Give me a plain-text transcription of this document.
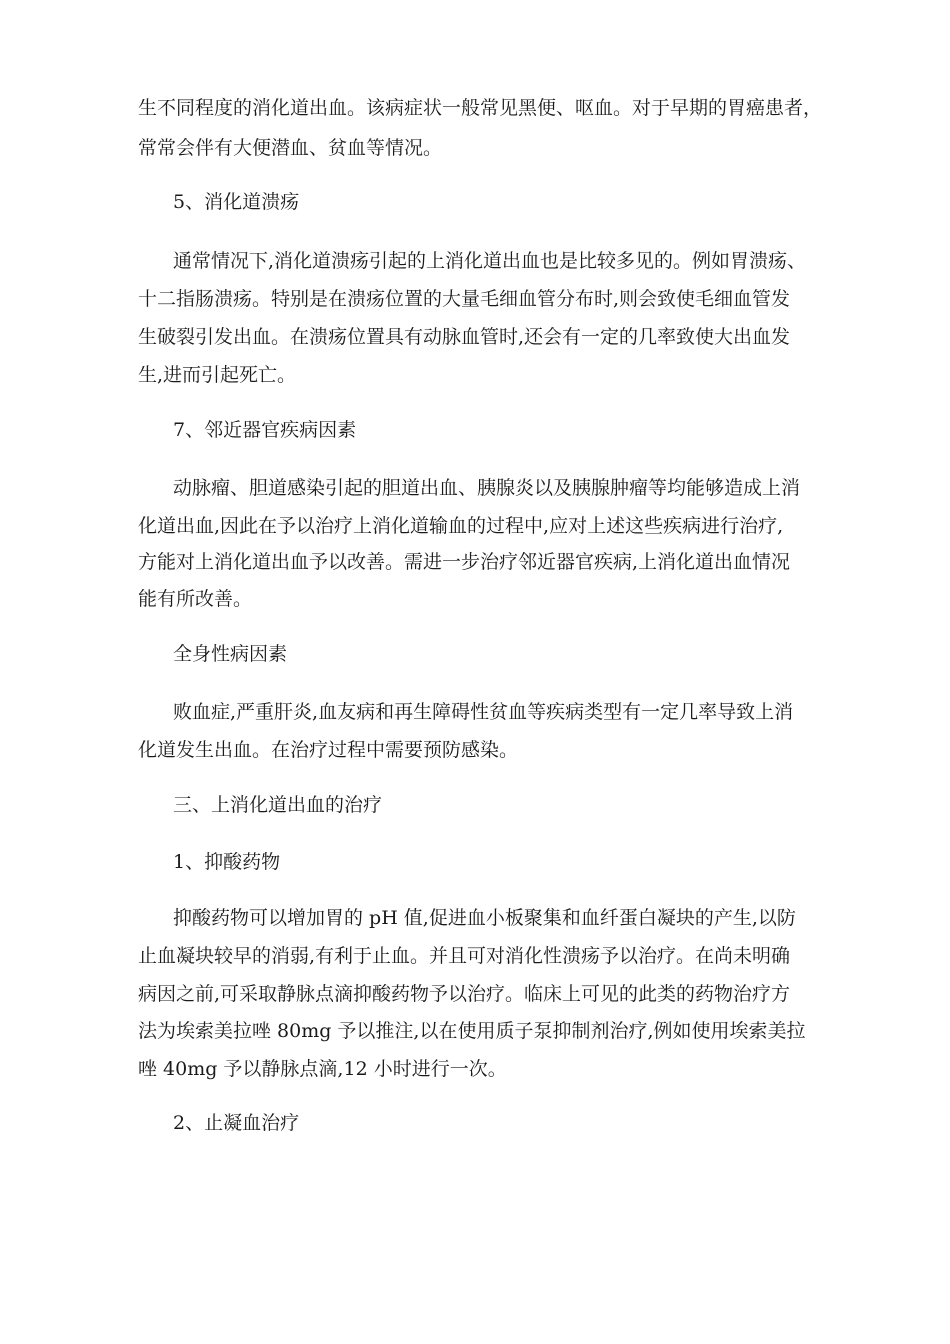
生不同程度的消化道出血。该病症状一般常见黑便、呕血。对于早期的胃癌患者，
常常会伴有大便潜血、贫血等情况。
5、消化道溃疡
通常情况下,消化道溃疡引起的上消化道出血也是比较多见的。例如胃溃疡、
十二指肠溃疡。特别是在溃疡位置的大量毛细血管分布时,则会致使毛细血管发
生破裂引发出血。在溃疡位置具有动脉血管时,还会有一定的几率致使大出血发
生,进而引起死亡。
7、邻近器官疾病因素
动脉瘤、胆道感染引起的胆道出血、胰腺炎以及胰腺肿瘤等均能够造成上消
化道出血,因此在予以治疗上消化道输血的过程中,应对上述这些疾病进行治疗,
方能对上消化道出血予以改善。需进一步治疗邻近器官疾病,上消化道出血情况
能有所改善。
全身性病因素
败血症,严重肝炎,血友病和再生障碍性贫血等疾病类型有一定几率导致上消
化道发生出血。在治疗过程中需要预防感染。
三、上消化道出血的治疗
1、抑酸药物
抑酸药物可以增加胃的 pH 值,促进血小板聚集和血纤蛋白凝块的产生,以防
止血凝块较早的消弱,有利于止血。并且可对消化性溃疡予以治疗。在尚未明确
病因之前,可采取静脉点滴抑酸药物予以治疗。临床上可见的此类的药物治疗方
法为埃索美拉唑 80mg 予以推注,以在使用质子泵抑制剂治疗,例如使用埃索美拉
唑 40mg 予以静脉点滴,12 小时进行一次。
2、止凝血治疗
